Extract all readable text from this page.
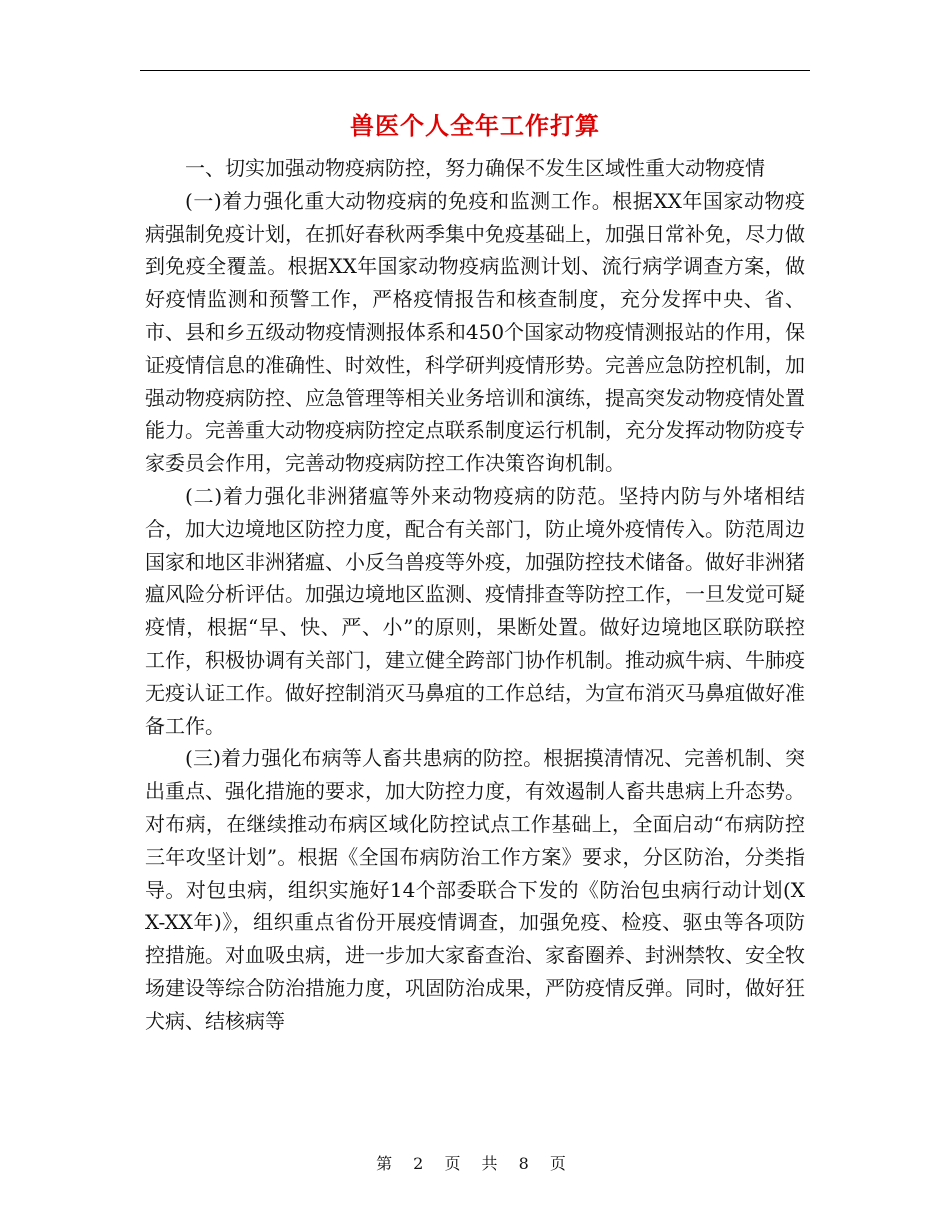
兽医个人全年工作打算

一、切实加强动物疫病防控，努力确保不发生区域性重大动物疫情

(一)着力强化重大动物疫病的免疫和监测工作。根据XX年国家动物疫病强制免疫计划，在抓好春秋两季集中免疫基础上，加强日常补免，尽力做到免疫全覆盖。根据XX年国家动物疫病监测计划、流行病学调查方案，做好疫情监测和预警工作，严格疫情报告和核查制度，充分发挥中央、省、市、县和乡五级动物疫情测报体系和450个国家动物疫情测报站的作用，保证疫情信息的准确性、时效性，科学研判疫情形势。完善应急防控机制，加强动物疫病防控、应急管理等相关业务培训和演练，提高突发动物疫情处置能力。完善重大动物疫病防控定点联系制度运行机制，充分发挥动物防疫专家委员会作用，完善动物疫病防控工作决策咨询机制。

(二)着力强化非洲猪瘟等外来动物疫病的防范。坚持内防与外堵相结合，加大边境地区防控力度，配合有关部门，防止境外疫情传入。防范周边国家和地区非洲猪瘟、小反刍兽疫等外疫，加强防控技术储备。做好非洲猪瘟风险分析评估。加强边境地区监测、疫情排查等防控工作，一旦发觉可疑疫情，根据“早、快、严、小”的原则，果断处置。做好边境地区联防联控工作，积极协调有关部门，建立健全跨部门协作机制。推动疯牛病、牛肺疫无疫认证工作。做好控制消灭马鼻疽的工作总结，为宣布消灭马鼻疽做好准备工作。

(三)着力强化布病等人畜共患病的防控。根据摸清情况、完善机制、突出重点、强化措施的要求，加大防控力度，有效遏制人畜共患病上升态势。对布病，在继续推动布病区域化防控试点工作基础上，全面启动“布病防控三年攻坚计划”。根据《全国布病防治工作方案》要求，分区防治，分类指导。对包虫病，组织实施好14个部委联合下发的《防治包虫病行动计划(XX-XX年)》，组织重点省份开展疫情调查，加强免疫、检疫、驱虫等各项防控措施。对血吸虫病，进一步加大家畜查治、家畜圈养、封洲禁牧、安全牧场建设等综合防治措施力度，巩固防治成果，严防疫情反弹。同时，做好狂犬病、结核病等

第 2 页 共 8 页
